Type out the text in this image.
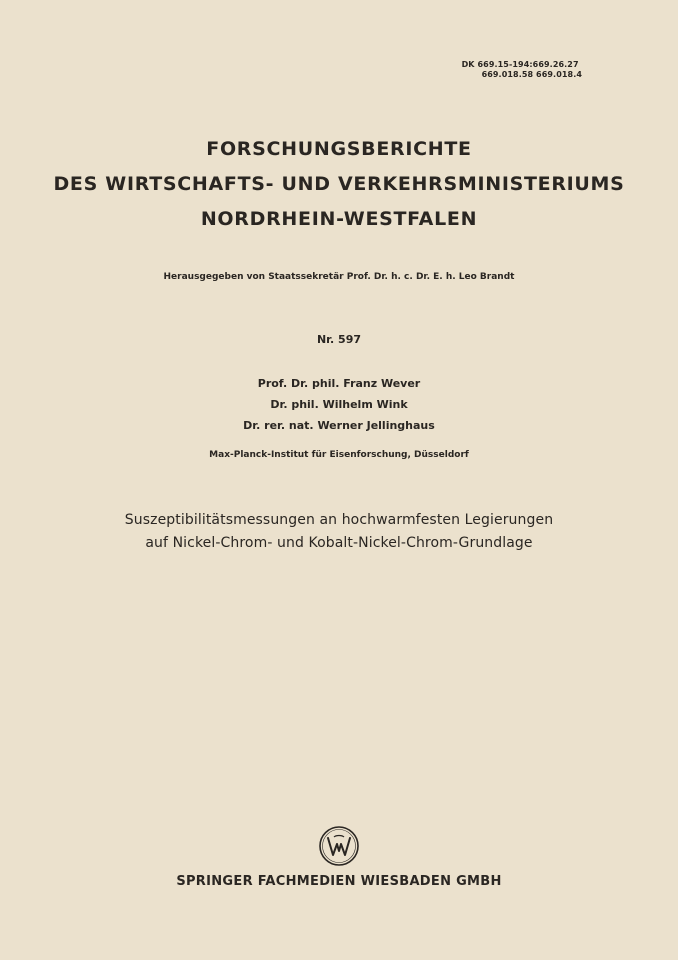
DK 669.15-194:669.26.27
669.018.58 669.018.4
FORSCHUNGSBERICHTE
DES WIRTSCHAFTS- UND VERKEHRSMINISTERIUMS
NORDRHEIN-WESTFALEN
Herausgegeben von Staatssekretär Prof. Dr. h. c. Dr. E. h. Leo Brandt
Nr. 597
Prof. Dr. phil. Franz Wever
Dr. phil. Wilhelm Wink
Dr. rer. nat. Werner Jellinghaus
Max-Planck-Institut für Eisenforschung, Düsseldorf
Suszeptibilitätsmessungen an hochwarmfesten Legierungen
auf Nickel-Chrom- und Kobalt-Nickel-Chrom-Grundlage
SPRINGER FACHMEDIEN WIESBADEN GMBH
